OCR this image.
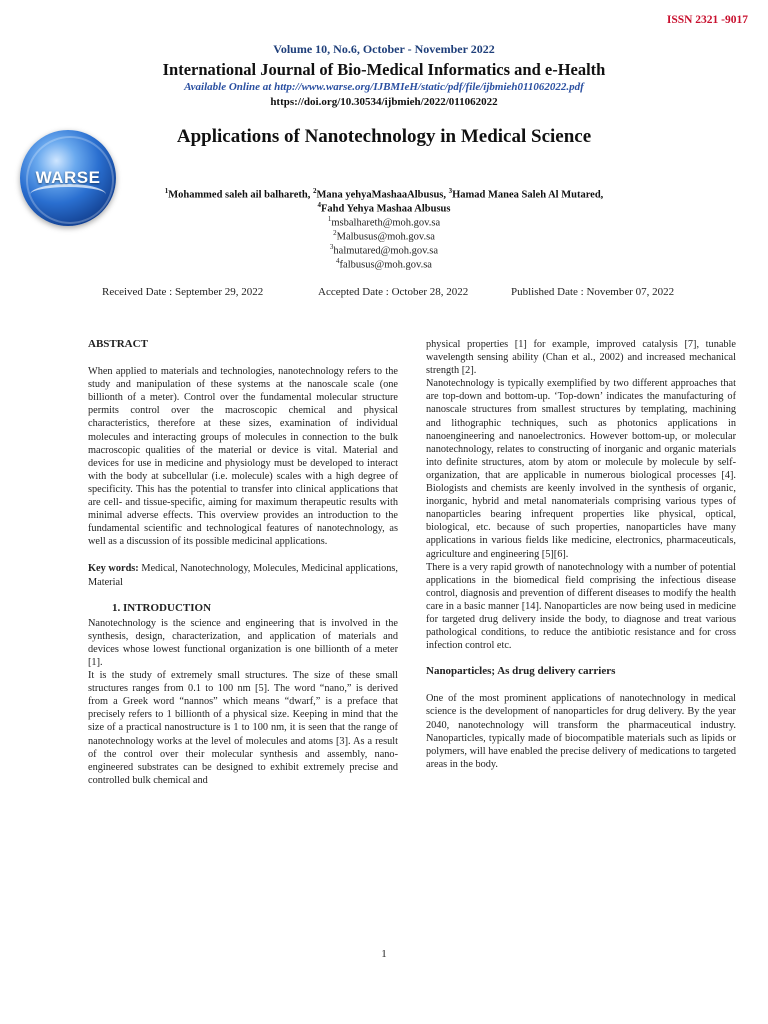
ISSN 2321 -9017
Volume 10, No.6, October - November 2022
International Journal of Bio-Medical Informatics and e-Health
Available Online at http://www.warse.org/IJBMIeH/static/pdf/file/ijbmieh011062022.pdf
https://doi.org/10.30534/ijbmieh/2022/011062022
WARSE
Applications of Nanotechnology in Medical Science
$^1$Mohammed saleh ail balhareth, $^2$Mana yehyaMashaaAlbusus, $^3$Hamad Manea Saleh Al Mutared,
$^4$Fahd Yehya Mashaa Albusus
$^1$msbalhareth@moh.gov.sa
$^2$Malbusus@moh.gov.sa
$^3$halmutared@moh.gov.sa
$^4$falbusus@moh.gov.sa
Received Date : September 29, 2022	Accepted Date : October 28, 2022	Published Date : November 07, 2022

ABSTRACT

When applied to materials and technologies, nanotechnology refers to the study and manipulation of these systems at the nanoscale scale (one billionth of a meter). Control over the fundamental molecular structure permits control over the macroscopic chemical and physical characteristics, therefore at these sizes, examination of individual molecules and interacting groups of molecules in connection to the bulk macroscopic qualities of the material or device is vital. Material and devices for use in medicine and physiology must be developed to interact with the body at subcellular (i.e. molecule) scales with a high degree of specificity. This has the potential to transfer into clinical applications that are cell- and tissue-specific, aiming for maximum therapeutic results with minimal adverse effects. This overview provides an introduction to the fundamental scientific and technological features of nanotechnology, as well as a discussion of its possible medicinal applications.

Key words: Medical, Nanotechnology, Molecules, Medicinal applications, Material

1. INTRODUCTION

Nanotechnology is the science and engineering that is involved in the synthesis, design, characterization, and application of materials and devices whose lowest functional organization is one billionth of a meter [1].

It is the study of extremely small structures. The size of these small structures ranges from 0.1 to 100 nm [5]. The word “nano,” is derived from a Greek word “nannos” which means “dwarf,” is a preface that precisely refers to 1 billionth of a physical size. Keeping in mind that the size of a practical nanostructure is 1 to 100 nm, it is seen that the range of nanotechnology works at the level of molecules and atoms [3]. As a result of the control over their molecular synthesis and assembly, nano-engineered substrates can be designed to exhibit extremely precise and controlled bulk chemical and

physical properties [1] for example, improved catalysis [7], tunable wavelength sensing ability (Chan et al., 2002) and increased mechanical strength [2].

Nanotechnology is typically exemplified by two different approaches that are top-down and bottom-up. ‘Top-down’ indicates the manufacturing of nanoscale structures from smallest structures by templating, machining and lithographic techniques, such as photonics applications in nanoengineering and nanoelectronics. However bottom-up, or molecular nanotechnology, relates to constructing of inorganic and organic materials into definite structures, atom by atom or molecule by molecule by self-organization, that are applicable in numerous biological processes [4]. Biologists and chemists are keenly involved in the synthesis of organic, inorganic, hybrid and metal nanomaterials comprising various types of nanoparticles bearing infrequent properties like physical, optical, biological, etc. because of such properties, nanoparticles have many applications in various fields like medicine, electronics, pharmaceuticals, agriculture and engineering [5][6].

There is a very rapid growth of nanotechnology with a number of potential applications in the biomedical field comprising the infectious disease control, diagnosis and prevention of different diseases to modify the health care in a basic manner [14]. Nanoparticles are now being used in medicine for targeted drug delivery inside the body, to diagnose and treat various pathological conditions, to reduce the antibiotic resistance and for cross infection control etc.

Nanoparticles; As drug delivery carriers

One of the most prominent applications of nanotechnology in medical science is the development of nanoparticles for drug delivery. By the year 2040, nanotechnology will transform the pharmaceutical industry. Nanoparticles, typically made of biocompatible materials such as lipids or polymers, will have enabled the precise delivery of medications to targeted areas in the body.

1
